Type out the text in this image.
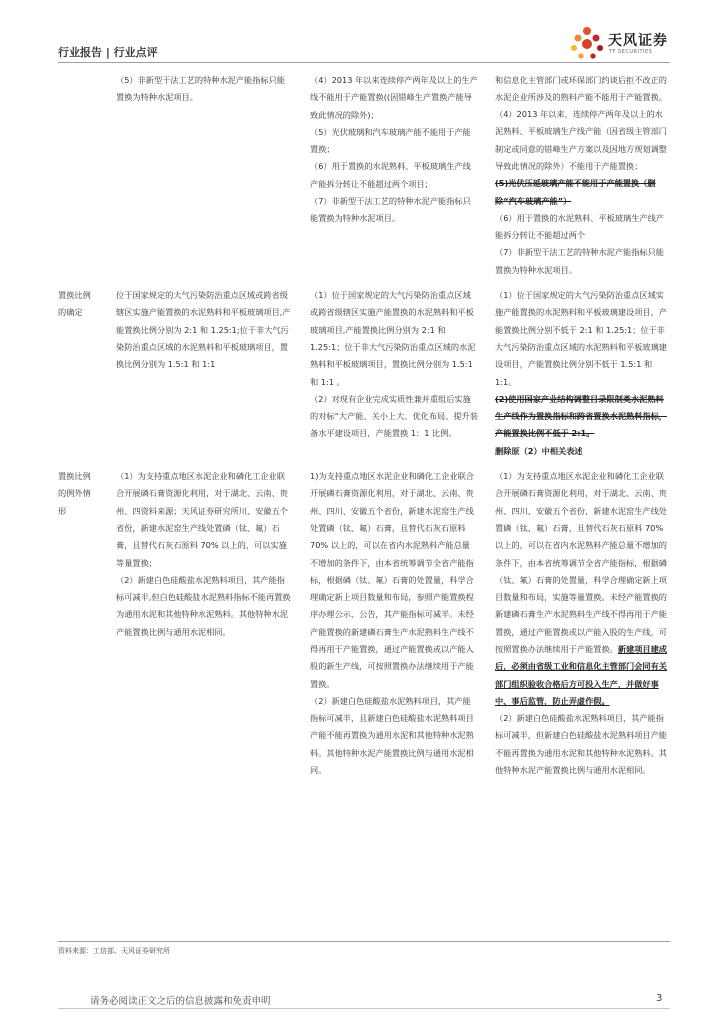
行业报告 | 行业点评
天风证券
TF SECURITIES

（5）非新型干法工艺的特种水泥产能指标只能置换为特种水泥项目。

（4）2013 年以来连续停产两年及以上的生产线不能用于产能置换((因错峰生产置换产能导致此情况的除外)；

（5）光伏玻璃和汽车玻璃产能不能用于产能置换；

（6）用于置换的水泥熟料、平板玻璃生产线产能拆分转让不能超过两个项目；

（7）非新型干法工艺的特种水泥产能指标只能置换为特种水泥项目。

和信息化主管部门或环保部门约谈后拒不改正的水泥企业所涉及的熟料产能不能用于产能置换。

（4）2013 年以来，连续停产两年及以上的水泥熟料、平板玻璃生产线产能（因省级主管部门制定或同意的错峰生产方案以及因地方规划调整导致此情况的除外）不能用于产能置换；

(5)光伏压延玻璃产能不能用于产能置换（删除“汽车玻璃产能”）

（6）用于置换的水泥熟料、平板玻璃生产线产能拆分转让不能超过两个

（7）非新型干法工艺的特种水泥产能指标只能置换为特种水泥项目。

置换比例
的确定

位于国家规定的大气污染防治重点区域或跨省级辖区实施产能置换的水泥熟料和平板玻璃项目,产能置换比例分别为 2:1 和 1.25:1;位于非大气污染防治重点区域的水泥熟料和平板玻璃项目，置换比例分别为 1.5:1 和 1:1

（1）位于国家规定的大气污染防治重点区域或跨省级辖区实施产能置换的水泥熟料和平板玻璃项目,产能置换比例分别为 2:1 和 1.25:1；位于非大气污染防治重点区域的水泥熟料和平板玻璃项目，置换比例分别为 1.5:1 和 1:1 。

（2）对现有企业完成实质性兼并重组后实施的对标“大产能、关小上大、优化布局、提升装备水平建设项目，产能置换 1：1 比例。

（1）位于国家规定的大气污染防治重点区域实施产能置换的水泥熟料和平板玻璃建设项目，产能置换比例分别不低于 2:1 和 1.25:1；位于非大气污染防治重点区域的水泥熟料和平板玻璃建设项目，产能置换比例分别不低于 1.5:1 和 1:1。

(2)使用国家产业结构调整目录限制类水泥熟料生产线作为置换指标和跨省置换水泥熟料指标，产能置换比例不低于 2:1。

删除原（2）中相关表述

置换比例
的例外情
形

（1）为支持重点地区水泥企业和磷化工企业联合开展磷石膏资源化利用，对于湖北、云南、贵州、四资料来源；天风证券研究所川、安徽五个省份，新建水泥窑生产线处置磷（钛、氟）石膏，且替代石灰石原料 70% 以上的，可以实施等量置换；

（2）新建白色硅酸盐水泥熟料项目，其产能指标可减半,但白色硅酸盐水泥熟料指标不能再置换为通用水泥和其他特种水泥熟料。其他特种水泥产能置换比例与通用水泥相同。

1)为支持重点地区水泥企业和磷化工企业联合开展磷石膏资源化利用，对于湖北、云南、贵州、四川、安徽五个省份，新建水泥窑生产线处置磷（钛、氟）石膏，且替代石灰石原料 70% 以上的，可以在省内水泥熟料产能总量不增加的条件下，由本省统筹调节全省产能指标，根据磷（钛、氟）石膏的处置量，科学合理确定新上项目数量和布局，参照产能置换程序办理公示、公告，其产能指标可减半。未经产能置换的新建磷石膏生产水泥熟料生产线不得再用于产能置换，通过产能置换或以产能入股的新生产线，可按照置换办法继续用于产能置换。

（2）新建白色硅酸盐水泥熟料项目，其产能指标可减半，且新建白色硅酸盐水泥熟料项目产能不能再置换为通用水泥和其他特种水泥熟料。其他特种水泥产能置换比例与通用水泥相同。

（1）为支持重点地区水泥企业和磷化工企业联合开展磷石膏资源化利用，对于湖北、云南、贵州、四川、安徽五个省份，新建水泥窑生产线处置磷（钛、氟）石膏，且替代石灰石原料 70%以上的，可以在省内水泥熟料产能总量不增加的条件下，由本省统筹调节全省产能指标，根据磷（钛、氟）石膏的处置量，科学合理确定新上项目数量和布局，实施等量置换。未经产能置换的新建磷石膏生产水泥熟料生产线不得再用于产能置换，通过产能置换或以产能入股的生产线，可按照置换办法继续用于产能置换。新建项目建成后，必须由省级工业和信息化主管部门会同有关部门组织验收合格后方可投入生产，并做好事中、事后监管，防止弄虚作假。

（2）新建白色硅酸盐水泥熟料项目，其产能指标可减半，但新建白色硅酸盐水泥熟料项目产能不能再置换为通用水泥和其他特种水泥熟料。其他特种水泥产能置换比例与通用水泥相同。

资料来源：工信部、天风证券研究所
请务必阅读正文之后的信息披露和免责申明	3
